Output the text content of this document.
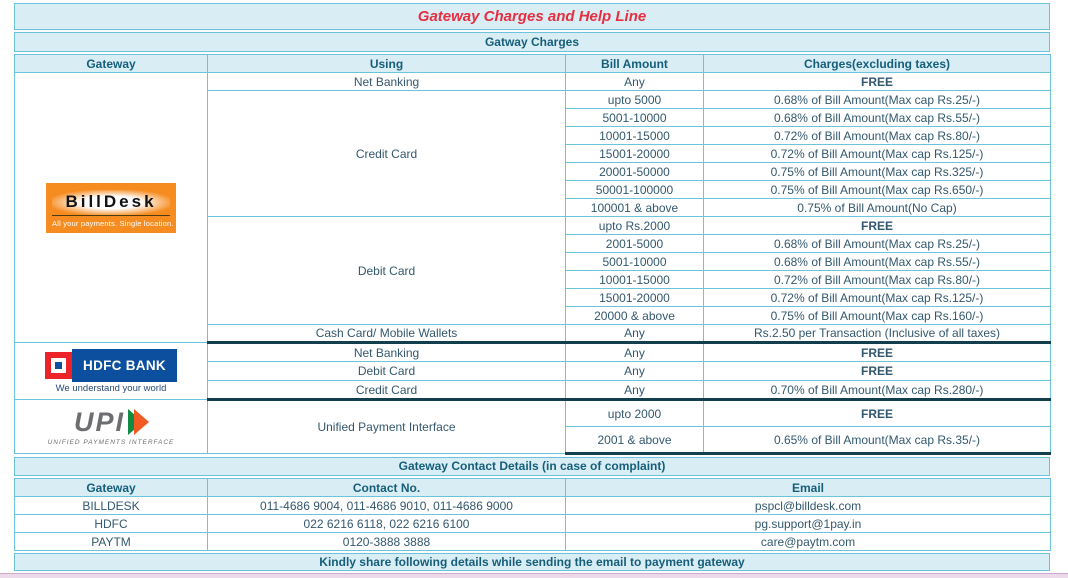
Gateway Charges and Help Line
Gatway Charges
Gateway	Using	Bill Amount	Charges(excluding taxes)

BillDesk
All your payments. Single location.	Net Banking	Any	FREE
	Credit Card	upto 5000	0.68% of Bill Amount(Max cap Rs.25/-)
		5001-10000	0.68% of Bill Amount(Max cap Rs.55/-)
		10001-15000	0.72% of Bill Amount(Max cap Rs.80/-)
		15001-20000	0.72% of Bill Amount(Max cap Rs.125/-)
		20001-50000	0.75% of Bill Amount(Max cap Rs.325/-)
		50001-100000	0.75% of Bill Amount(Max cap Rs.650/-)
		100001 & above	0.75% of Bill Amount(No Cap)
	Debit Card	upto Rs.2000	FREE
		2001-5000	0.68% of Bill Amount(Max cap Rs.25/-)
		5001-10000	0.68% of Bill Amount(Max cap Rs.55/-)
		10001-15000	0.72% of Bill Amount(Max cap Rs.80/-)
		15001-20000	0.72% of Bill Amount(Max cap Rs.125/-)
		20000 & above	0.75% of Bill Amount(Max cap Rs.160/-)
	Cash Card/ Mobile Wallets	Any	Rs.2.50 per Transaction (Inclusive of all taxes)

HDFC BANK
We understand your world	Net Banking	Any	FREE
	Debit Card	Any	FREE
	Credit Card	Any	0.70% of Bill Amount(Max cap Rs.280/-)

UPI
UNIFIED PAYMENTS INTERFACE	Unified Payment Interface	upto 2000	FREE
		2001 & above	0.65% of Bill Amount(Max cap Rs.35/-)
Gateway Contact Details (in case of complaint)
Gateway	Contact No.	Email
BILLDESK	011-4686 9004, 011-4686 9010, 011-4686 9000	pspcl@billdesk.com
HDFC	022 6216 6118, 022 6216 6100	pg.support@1pay.in
PAYTM	0120-3888 3888	care@paytm.com
Kindly share following details while sending the email to payment gateway
